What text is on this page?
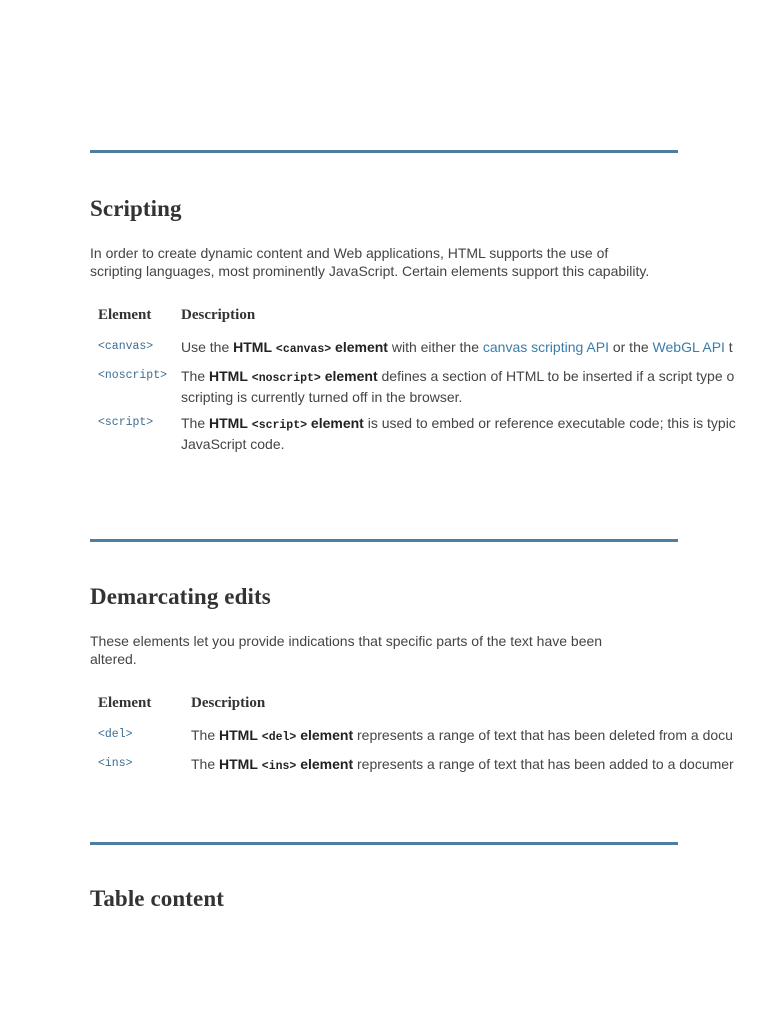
Scripting

In order to create dynamic content and Web applications, HTML supports the use of scripting languages, most prominently JavaScript. Certain elements support this capability.

Element	Description
<canvas>	Use the HTML <canvas> element with either the canvas scripting API or the WebGL API t
<noscript>	The HTML <noscript> element defines a section of HTML to be inserted if a script type o
scripting is currently turned off in the browser.
<script>	The HTML <script> element is used to embed or reference executable code; this is typic
JavaScript code.
Demarcating edits

These elements let you provide indications that specific parts of the text have been altered.

Element	Description
<del>	The HTML <del> element represents a range of text that has been deleted from a docu
<ins>	The HTML <ins> element represents a range of text that has been added to a documer
Table content
